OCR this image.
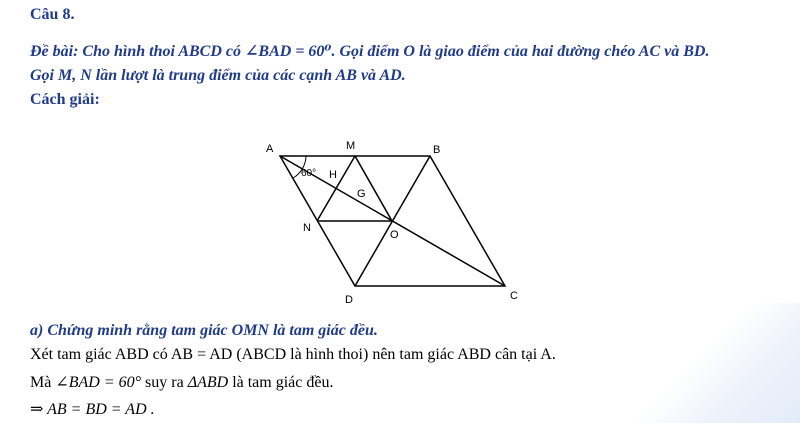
Câu 8.
Đề bài: Cho hình thoi ABCD có ∠BAD = 60⁰. Gọi điểm O là giao điểm của hai đường chéo AC và BD.
Gọi M, N lần lượt là trung điểm của các cạnh AB và AD.
Cách giải:
A	M	B
60° H
G
N
O
D	C
a) Chứng minh rằng tam giác OMN là tam giác đều.
Xét tam giác ABD có AB = AD (ABCD là hình thoi) nên tam giác ABD cân tại A.
Mà ∠BAD = 60° suy ra ΔABD là tam giác đều.
⇒ AB = BD = AD .
